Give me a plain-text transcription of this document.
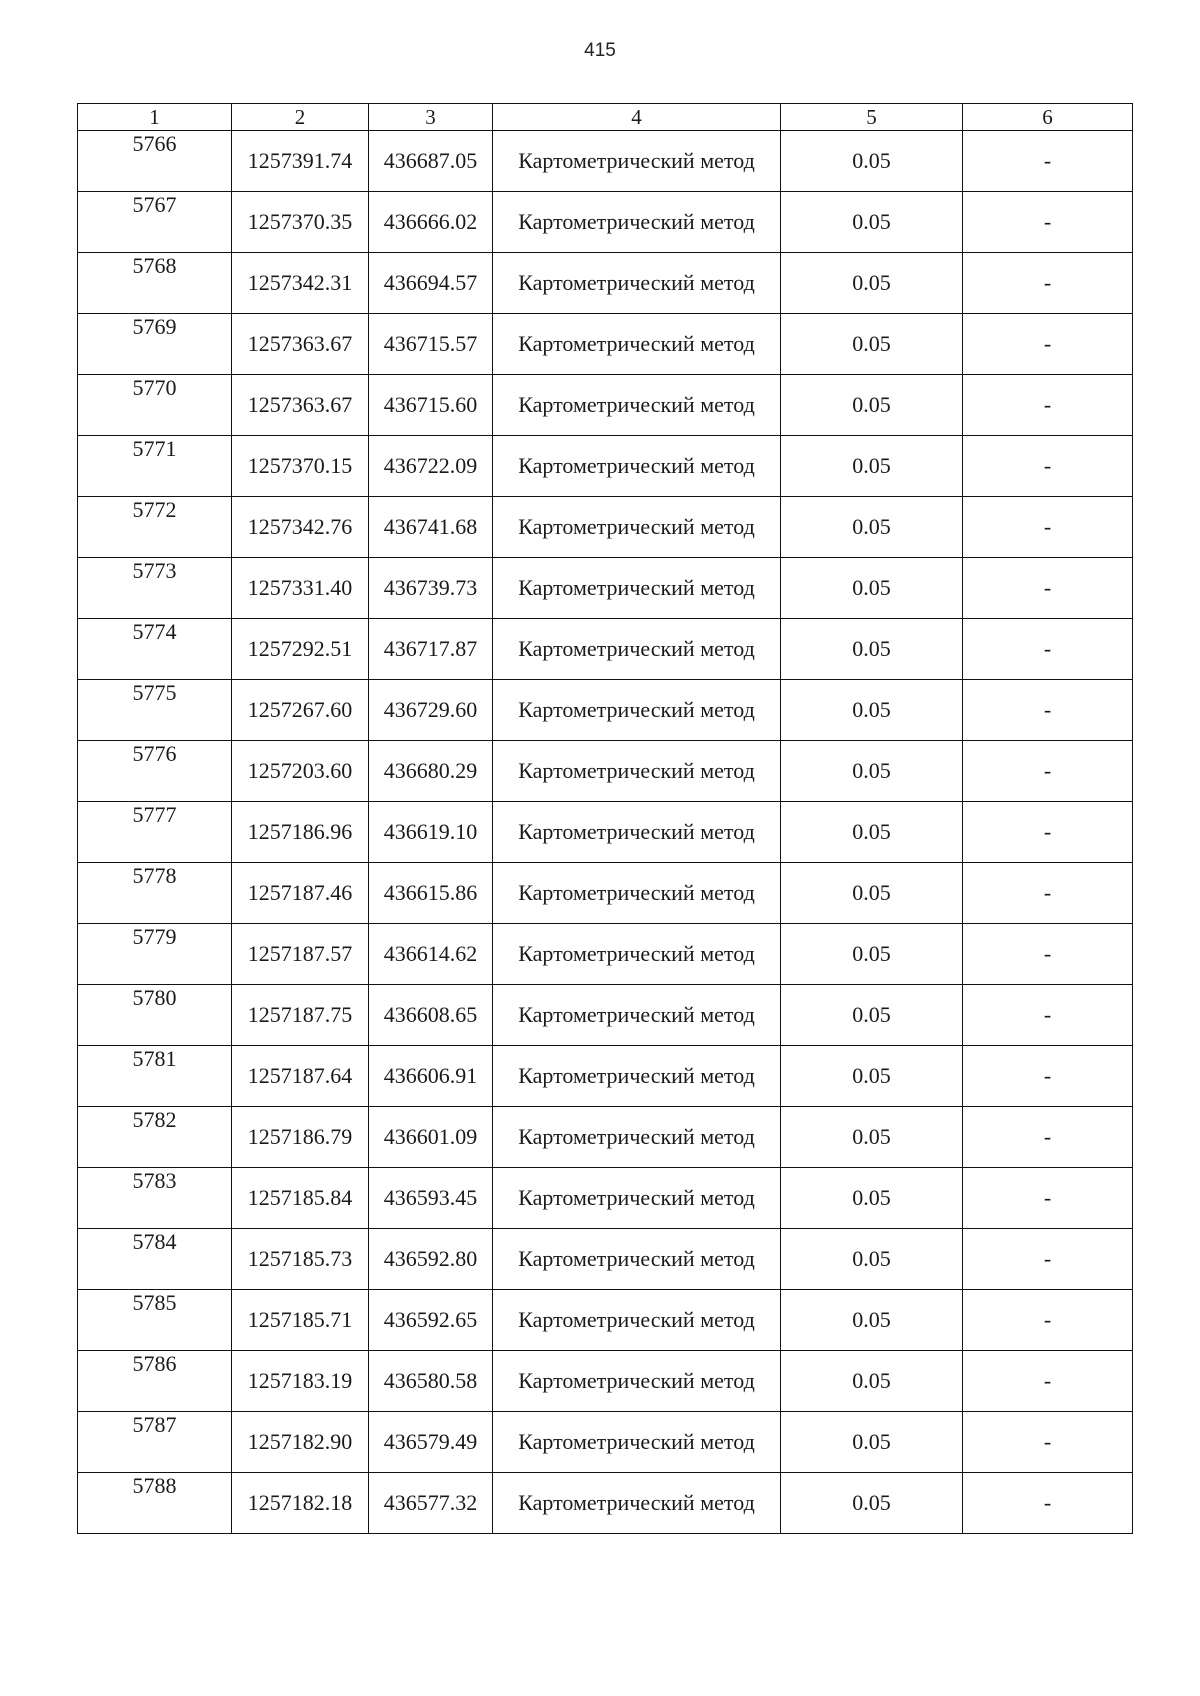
415
1	2	3	4	5	6
5766	1257391.74	436687.05	Картометрический метод	0.05	-
5767	1257370.35	436666.02	Картометрический метод	0.05	-
5768	1257342.31	436694.57	Картометрический метод	0.05	-
5769	1257363.67	436715.57	Картометрический метод	0.05	-
5770	1257363.67	436715.60	Картометрический метод	0.05	-
5771	1257370.15	436722.09	Картометрический метод	0.05	-
5772	1257342.76	436741.68	Картометрический метод	0.05	-
5773	1257331.40	436739.73	Картометрический метод	0.05	-
5774	1257292.51	436717.87	Картометрический метод	0.05	-
5775	1257267.60	436729.60	Картометрический метод	0.05	-
5776	1257203.60	436680.29	Картометрический метод	0.05	-
5777	1257186.96	436619.10	Картометрический метод	0.05	-
5778	1257187.46	436615.86	Картометрический метод	0.05	-
5779	1257187.57	436614.62	Картометрический метод	0.05	-
5780	1257187.75	436608.65	Картометрический метод	0.05	-
5781	1257187.64	436606.91	Картометрический метод	0.05	-
5782	1257186.79	436601.09	Картометрический метод	0.05	-
5783	1257185.84	436593.45	Картометрический метод	0.05	-
5784	1257185.73	436592.80	Картометрический метод	0.05	-
5785	1257185.71	436592.65	Картометрический метод	0.05	-
5786	1257183.19	436580.58	Картометрический метод	0.05	-
5787	1257182.90	436579.49	Картометрический метод	0.05	-
5788	1257182.18	436577.32	Картометрический метод	0.05	-
